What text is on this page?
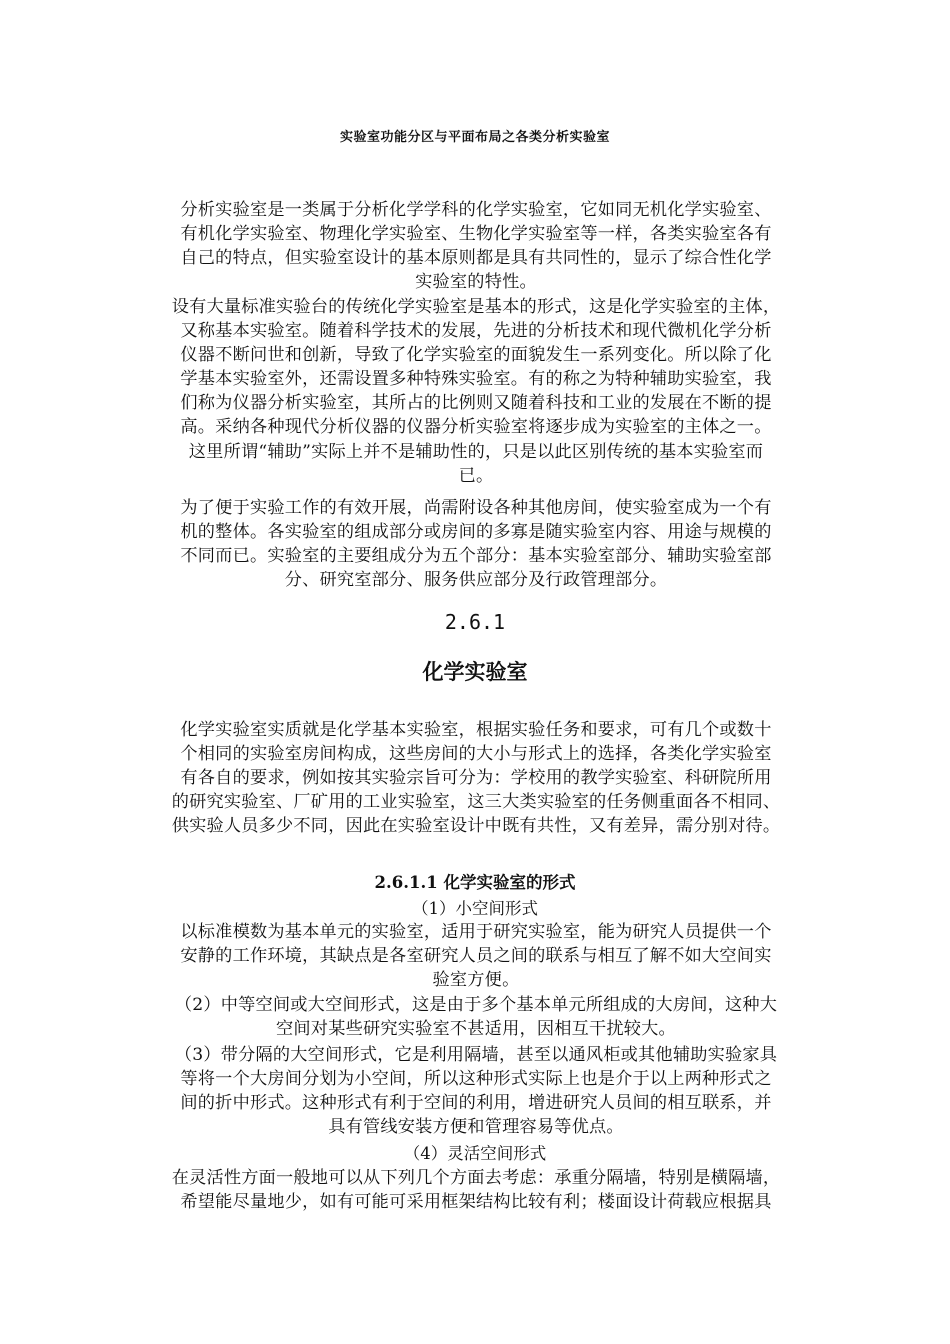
实验室功能分区与平面布局之各类分析实验室
分析实验室是一类属于分析化学学科的化学实验室，它如同无机化学实验室、
有机化学实验室、物理化学实验室、生物化学实验室等一样，各类实验室各有
自己的特点，但实验室设计的基本原则都是具有共同性的，显示了综合性化学
实验室的特性。
设有大量标准实验台的传统化学实验室是基本的形式，这是化学实验室的主体，
又称基本实验室。随着科学技术的发展，先进的分析技术和现代微机化学分析
仪器不断问世和创新，导致了化学实验室的面貌发生一系列变化。所以除了化
学基本实验室外，还需设置多种特殊实验室。有的称之为特种辅助实验室，我
们称为仪器分析实验室，其所占的比例则又随着科技和工业的发展在不断的提
高。采纳各种现代分析仪器的仪器分析实验室将逐步成为实验室的主体之一。
这里所谓“辅助”实际上并不是辅助性的，只是以此区别传统的基本实验室而
已。
为了便于实验工作的有效开展，尚需附设各种其他房间，使实验室成为一个有
机的整体。各实验室的组成部分或房间的多寡是随实验室内容、用途与规模的
不同而已。实验室的主要组成分为五个部分：基本实验室部分、辅助实验室部
分、研究室部分、服务供应部分及行政管理部分。
2.6.1
化学实验室
化学实验室实质就是化学基本实验室，根据实验任务和要求，可有几个或数十
个相同的实验室房间构成，这些房间的大小与形式上的选择，各类化学实验室
有各自的要求，例如按其实验宗旨可分为：学校用的教学实验室、科研院所用
的研究实验室、厂矿用的工业实验室，这三大类实验室的任务侧重面各不相同、
供实验人员多少不同，因此在实验室设计中既有共性，又有差异，需分别对待。
2.6.1.1 化学实验室的形式
（1）小空间形式
以标准模数为基本单元的实验室，适用于研究实验室，能为研究人员提供一个
安静的工作环境，其缺点是各室研究人员之间的联系与相互了解不如大空间实
验室方便。
（2）中等空间或大空间形式，这是由于多个基本单元所组成的大房间，这种大
空间对某些研究实验室不甚适用，因相互干扰较大。
（3）带分隔的大空间形式，它是利用隔墙，甚至以通风柜或其他辅助实验家具
等将一个大房间分划为小空间，所以这种形式实际上也是介于以上两种形式之
间的折中形式。这种形式有利于空间的利用，增进研究人员间的相互联系，并
具有管线安装方便和管理容易等优点。
（4）灵活空间形式
在灵活性方面一般地可以从下列几个方面去考虑：承重分隔墙，特别是横隔墙，
希望能尽量地少，如有可能可采用框架结构比较有利；楼面设计荷载应根据具
